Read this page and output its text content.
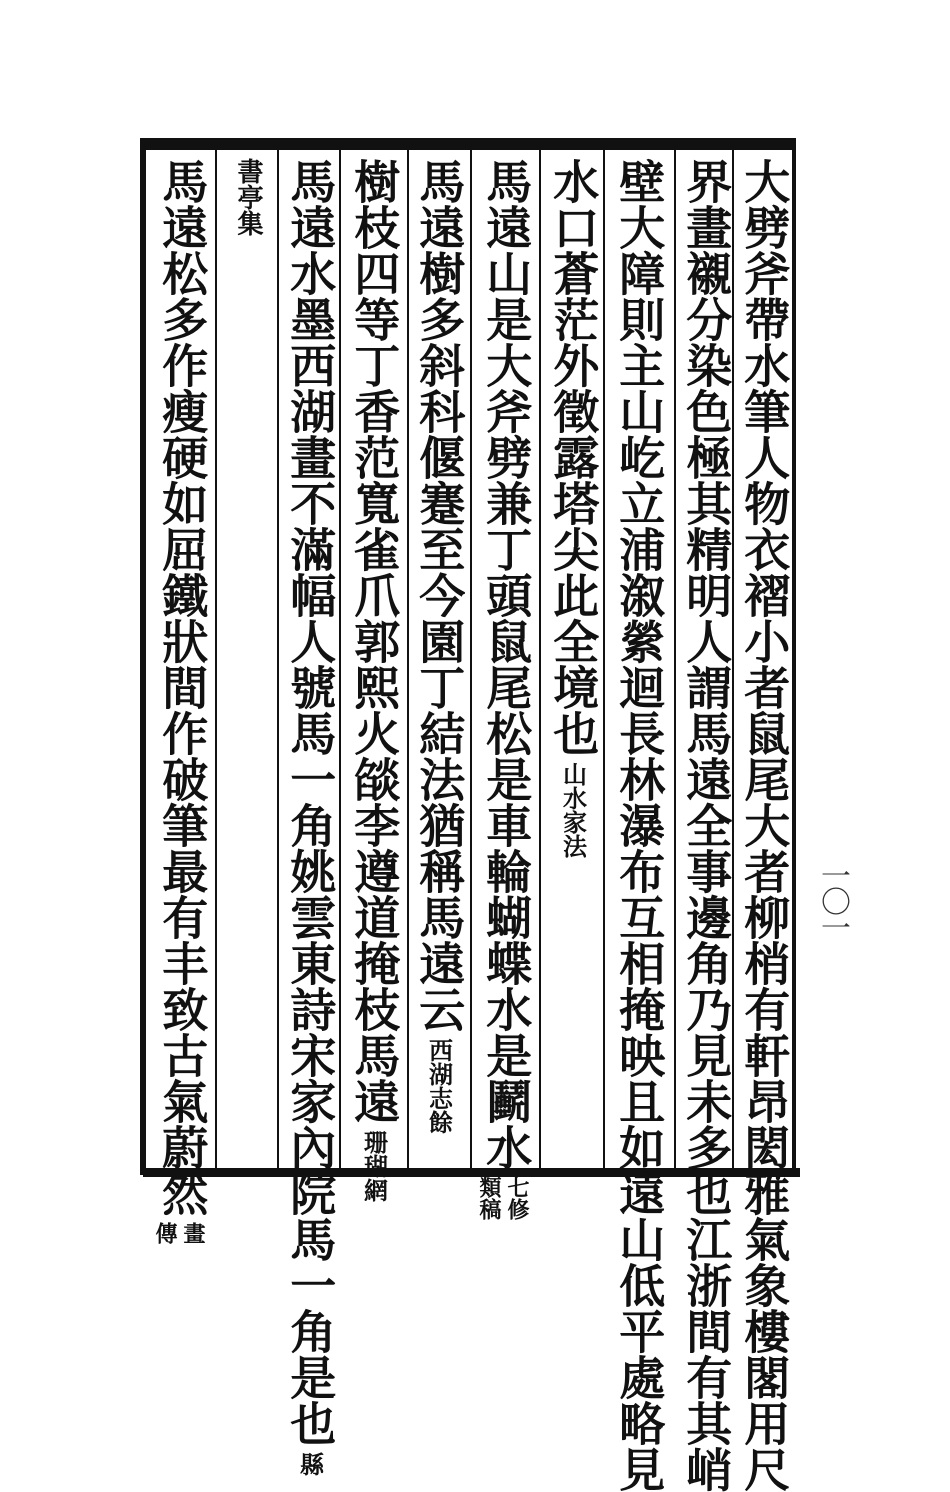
大劈斧帶水筆人物衣褶小者鼠尾大者柳梢有軒昂閎雅氣象樓閣用尺
界畫襯分染色極其精明人謂馬遠全事邊角乃見未多也江浙間有其峭
壁大障則主山屹立浦溆縈迴長林瀑布互相掩映且如遠山低平處略見
水口蒼茫外徵露塔尖此全境也
山水家法
馬遠山是大斧劈兼丁頭鼠尾松是車輪蝴蝶水是鬬水
類稿 七修
馬遠樹多斜科偃蹇至今園丁結法猶稱馬遠云
西湖志餘
樹枝四等丁香范寬雀爪郭熙火燄李遵道掩枝馬遠
珊瑚網
馬遠水墨西湖畫不滿幅人號馬一角姚雲東詩宋家內院馬一角是也
縣
書亭集
馬遠松多作瘦硬如屈鐵狀間作破筆最有丰致古氣蔚然
傳 畫
一〇一
